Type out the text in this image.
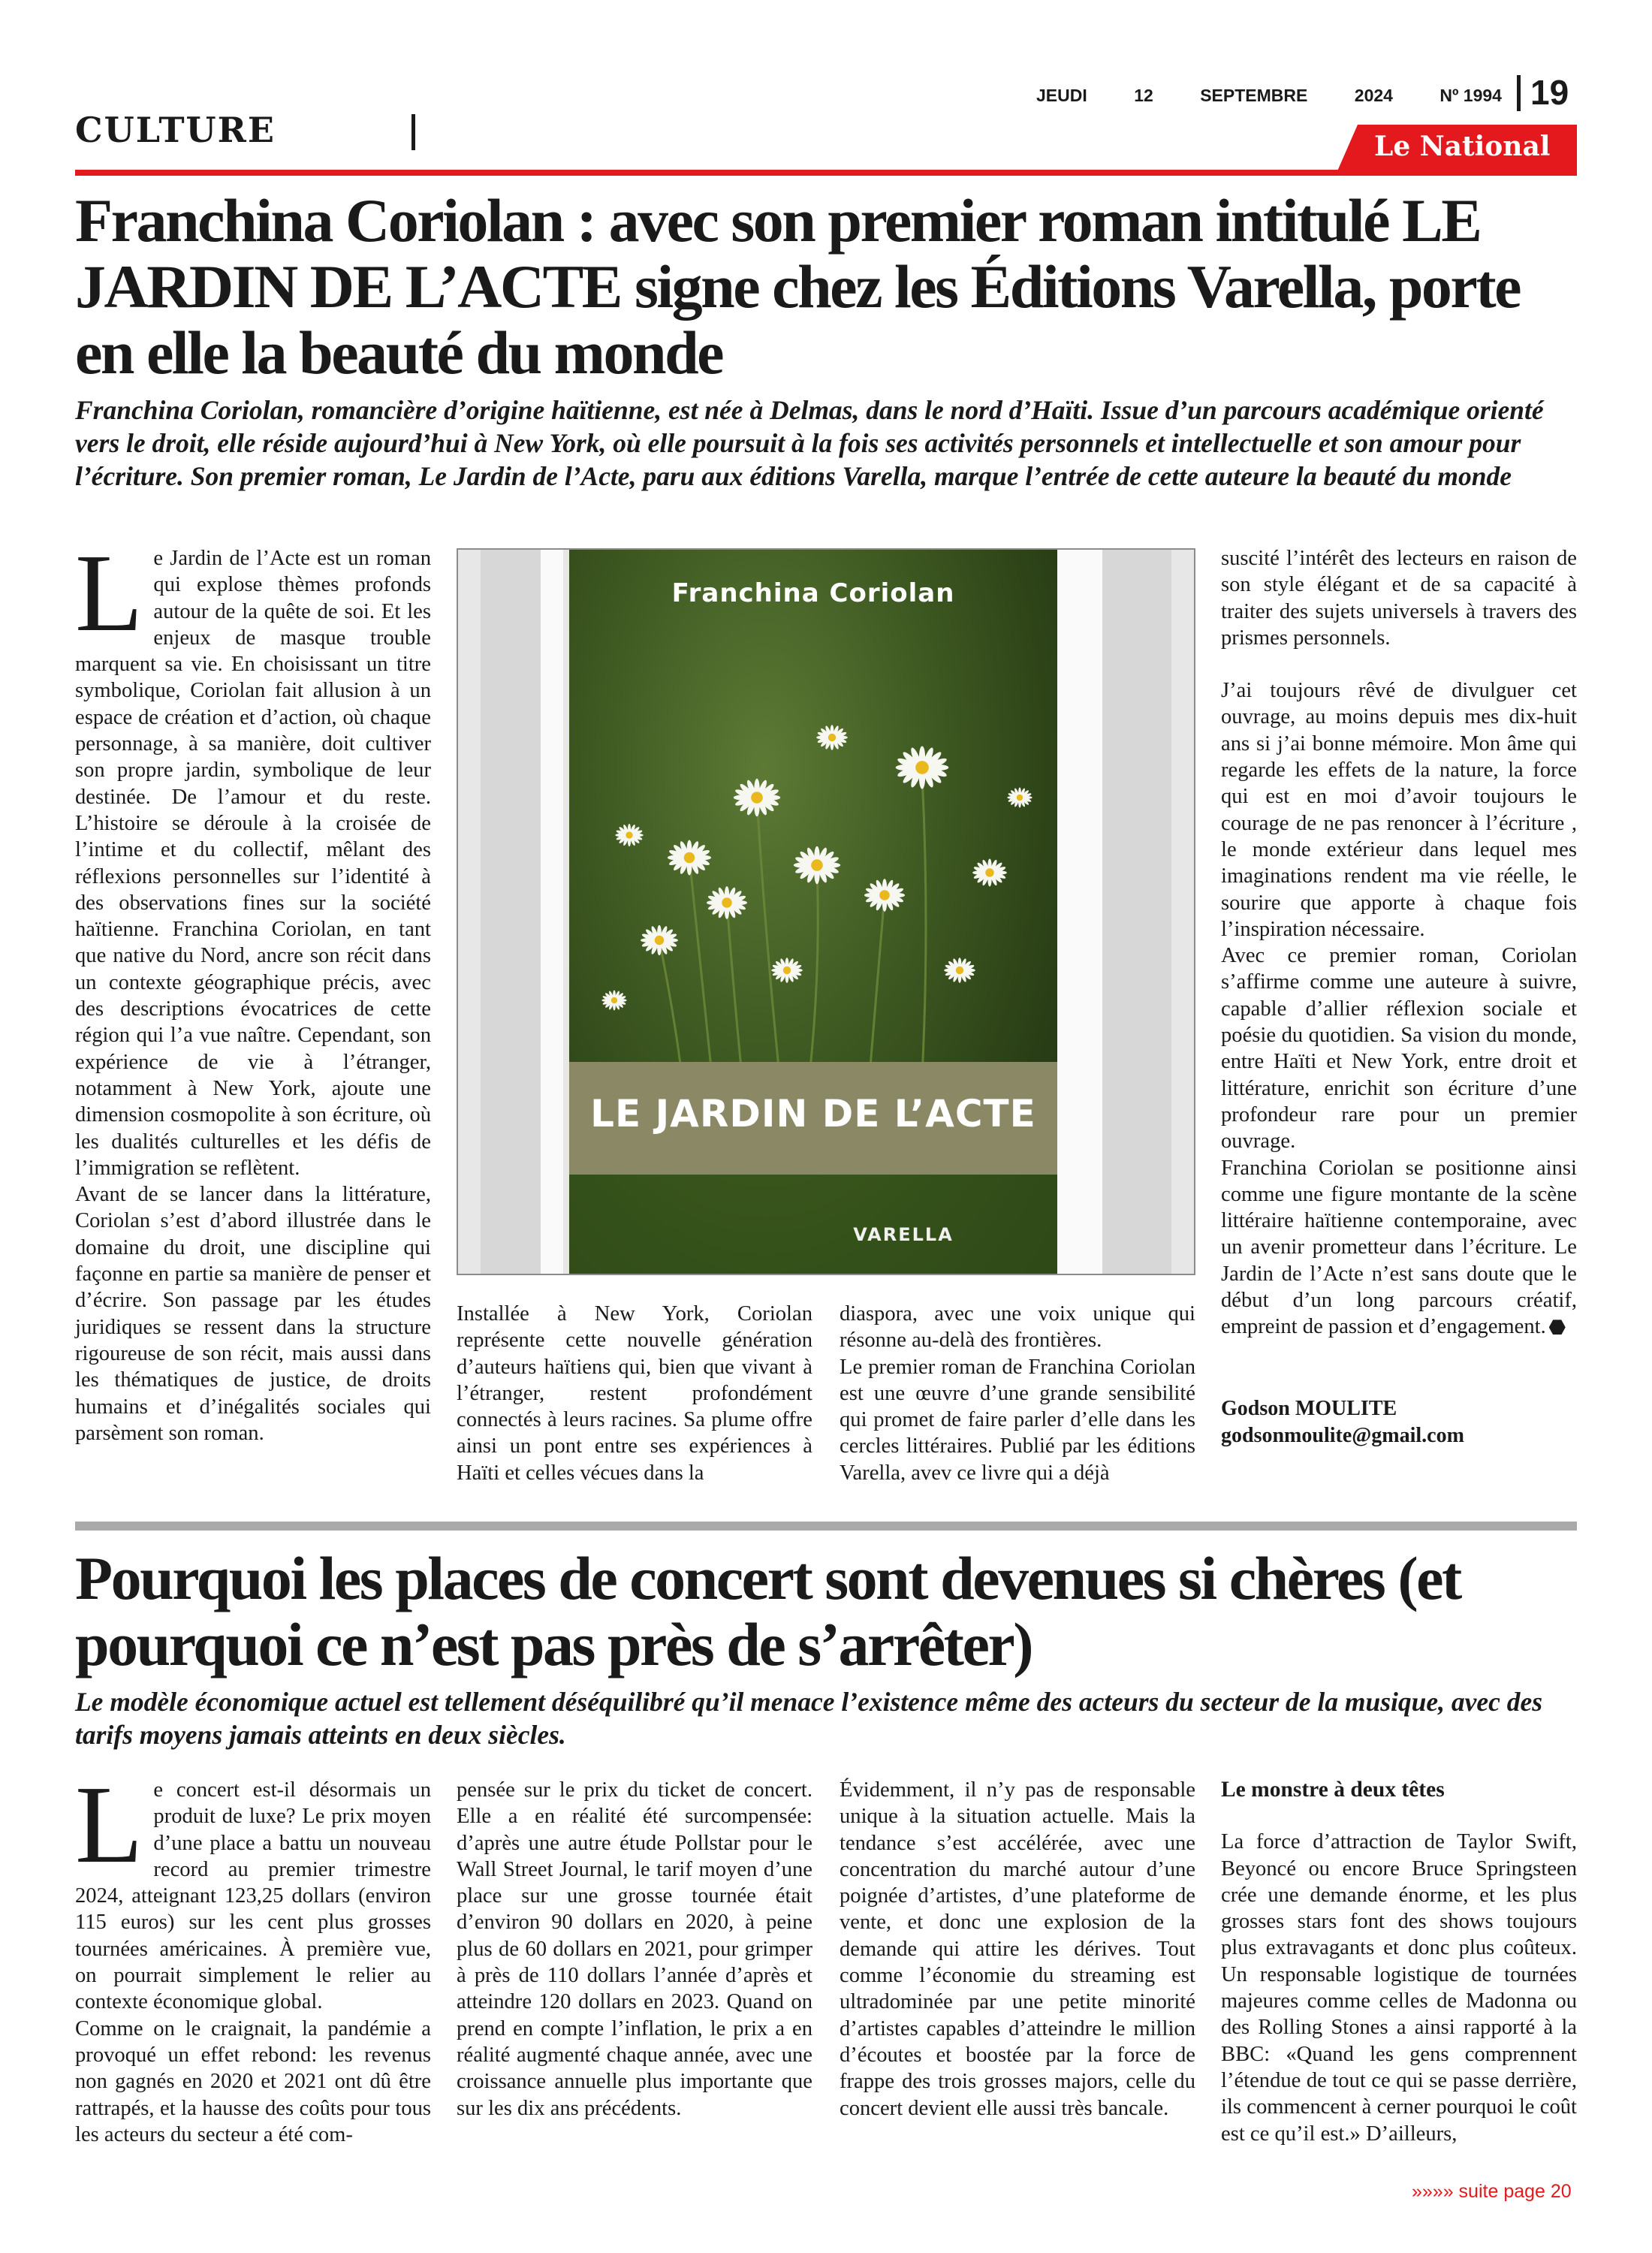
CULTURE
JEUDI	12	SEPTEMBRE	2024	Nº 1994 19
Le National
Franchina Coriolan : avec son premier roman intitulé LE JARDIN DE L’ACTE signe chez les Éditions Varella, porte en elle la beauté du monde

Franchina Coriolan, romancière d’origine haïtienne, est née à Delmas, dans le nord d’Haïti. Issue d’un parcours académique orienté vers le droit, elle réside aujourd’hui à New York, où elle poursuit à la fois ses activités personnels et intellectuelle et son amour pour l’écriture. Son premier roman, Le Jardin de l’Acte, paru aux éditions Varella, marque l’entrée de cette auteure la beauté du monde

Le Jardin de l’Acte est un roman qui explose thèmes profonds autour de la quête de soi. Et les enjeux de masque trouble marquent sa vie. En choisissant un titre symbolique, Coriolan fait allusion à un espace de création et d’action, où chaque personnage, à sa manière, doit cultiver son propre jardin, symbolique de leur destinée. De l’amour et du reste. L’histoire se déroule à la croisée de l’intime et du collectif, mêlant des réflexions personnelles sur l’identité à des observations fines sur la société haïtienne. Franchina Coriolan, en tant que native du Nord, ancre son récit dans un contexte géographique précis, avec des descriptions évocatrices de cette région qui l’a vue naître. Cependant, son expérience de vie à l’étranger, notamment à New York, ajoute une dimension cosmopolite à son écriture, où les dualités culturelles et les défis de l’immigration se reflètent.

Avant de se lancer dans la littérature, Coriolan s’est d’abord illustrée dans le domaine du droit, une discipline qui façonne en partie sa manière de penser et d’écrire. Son passage par les études juridiques se ressent dans la structure rigoureuse de son récit, mais aussi dans les thématiques de justice, de droits humains et d’inégalités sociales qui parsèment son roman.

Franchina Coriolan
LE JARDIN DE L’ACTE
VARELLA

Installée à New York, Coriolan représente cette nouvelle génération d’auteurs haïtiens qui, bien que vivant à l’étranger, restent profondément connectés à leurs racines. Sa plume offre ainsi un pont entre ses expériences à Haïti et celles vécues dans la

diaspora, avec une voix unique qui résonne au-delà des frontières.

Le premier roman de Franchina Coriolan est une œuvre d’une grande sensibilité qui promet de faire parler d’elle dans les cercles littéraires. Publié par les éditions Varella, avev ce livre qui a déjà

suscité l’intérêt des lecteurs en raison de son style élégant et de sa capacité à traiter des sujets universels à travers des prismes personnels.

J’ai toujours rêvé de divulguer cet ouvrage, au moins depuis mes dix-huit ans si j’ai bonne mémoire. Mon âme qui regarde les effets de la nature, la force qui est en moi d’avoir toujours le courage de ne pas renoncer à l’écriture , le monde extérieur dans lequel mes imaginations rendent ma vie réelle, le sourire que apporte à chaque fois l’inspiration nécessaire.

Avec ce premier roman, Coriolan s’affirme comme une auteure à suivre, capable d’allier réflexion sociale et poésie du quotidien. Sa vision du monde, entre Haïti et New York, entre droit et littérature, enrichit son écriture d’une profondeur rare pour un premier ouvrage.

Franchina Coriolan se positionne ainsi comme une figure montante de la scène littéraire haïtienne contemporaine, avec un avenir prometteur dans l’écriture. Le Jardin de l’Acte n’est sans doute que le début d’un long parcours créatif, empreint de passion et d’engagement.

Godson MOULITE
godsonmoulite@gmail.com
Pourquoi les places de concert sont devenues si chères (et pourquoi ce n’est pas près de s’arrêter)

Le modèle économique actuel est tellement déséquilibré qu’il menace l’existence même des acteurs du secteur de la musique, avec des tarifs moyens jamais atteints en deux siècles.

Le concert est-il désormais un produit de luxe? Le prix moyen d’une place a battu un nouveau record au premier trimestre 2024, atteignant 123,25 dollars (environ 115 euros) sur les cent plus grosses tournées américaines. À première vue, on pourrait simplement le relier au contexte économique global.

Comme on le craignait, la pandémie a provoqué un effet rebond: les revenus non gagnés en 2020 et 2021 ont dû être rattrapés, et la hausse des coûts pour tous les acteurs du secteur a été com-

pensée sur le prix du ticket de concert. Elle a en réalité été surcompensée: d’après une autre étude Pollstar pour le Wall Street Journal, le tarif moyen d’une place sur une grosse tournée était d’environ 90 dollars en 2020, à peine plus de 60 dollars en 2021, pour grimper à près de 110 dollars l’année d’après et atteindre 120 dollars en 2023. Quand on prend en compte l’inflation, le prix a en réalité augmenté chaque année, avec une croissance annuelle plus importante que sur les dix ans précédents.

Évidemment, il n’y pas de responsable unique à la situation actuelle. Mais la tendance s’est accélérée, avec une concentration du marché autour d’une poignée d’artistes, d’une plateforme de vente, et donc une explosion de la demande qui attire les dérives. Tout comme l’économie du streaming est ultradominée par une petite minorité d’artistes capables d’atteindre le million d’écoutes et boostée par la force de frappe des trois grosses majors, celle du concert devient elle aussi très bancale.

Le monstre à deux têtes

La force d’attraction de Taylor Swift, Beyoncé ou encore Bruce Springsteen crée une demande énorme, et les plus grosses stars font des shows toujours plus extravagants et donc plus coûteux. Un responsable logistique de tournées majeures comme celles de Madonna ou des Rolling Stones a ainsi rapporté à la BBC: «Quand les gens comprennent l’étendue de tout ce qui se passe derrière, ils commencent à cerner pourquoi le coût est ce qu’il est.» D’ailleurs,

»»»» suite page 20
